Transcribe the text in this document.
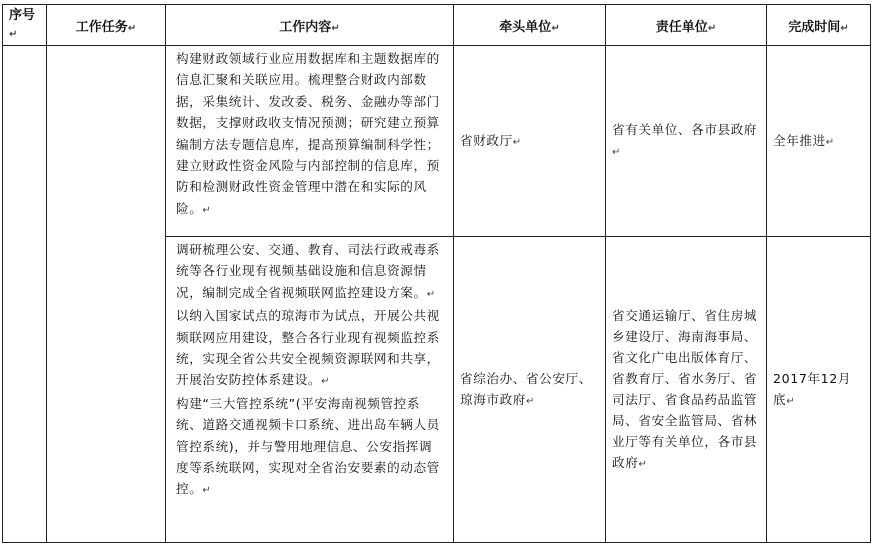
序号↵	工作任务↵	工作内容↵	牵头单位↵	责任单位↵	完成时间↵

		构建财政领域行业应用数据库和主题数据库的信息汇聚和关联应用。梳理整合财政内部数据，采集统计、发改委、税务、金融办等部门数据，支撑财政收支情况预测；研究建立预算编制方法专题信息库，提高预算编制科学性；建立财政性资金风险与内部控制的信息库，预防和检测财政性资金管理中潜在和实际的风险。↵	省财政厅↵	省有关单位、各市县政府↵	全年推进↵

		调研梳理公安、交通、教育、司法行政戒毒系统等各行业现有视频基础设施和信息资源情况，编制完成全省视频联网监控建设方案。↵
以纳入国家试点的琼海市为试点，开展公共视频联网应用建设，整合各行业现有视频监控系统，实现全省公共安全视频资源联网和共享，开展治安防控体系建设。↵
构建“三大管控系统”(平安海南视频管控系统、道路交通视频卡口系统、进出岛车辆人员管控系统)，并与警用地理信息、公安指挥调度等系统联网，实现对全省治安要素的动态管控。↵	省综治办、省公安厅、琼海市政府↵	省交通运输厅、省住房城乡建设厅、海南海事局、省文化广电出版体育厅、省教育厅、省水务厅、省司法厅、省食品药品监管局、省安全监管局、省林业厅等有关单位，各市县政府↵	2017年12月底↵
